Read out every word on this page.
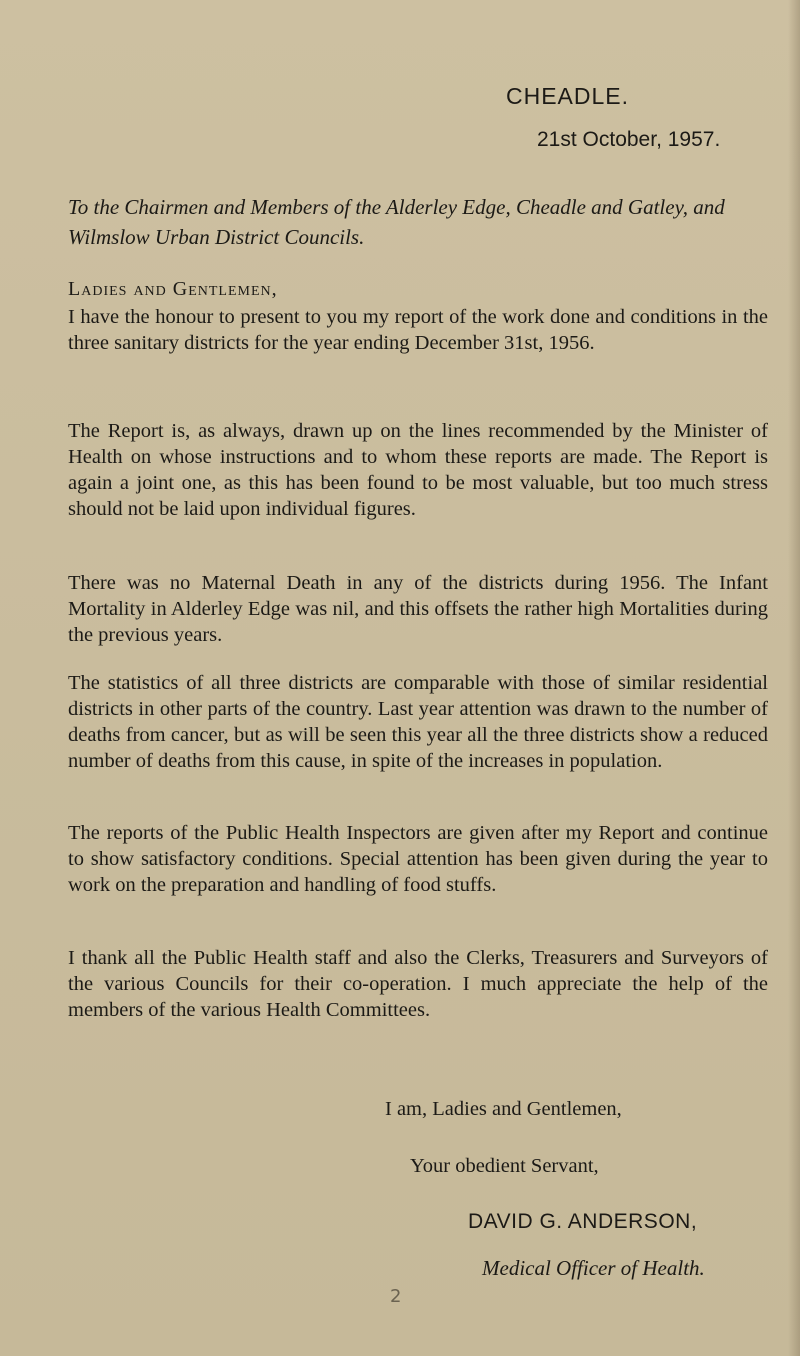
CHEADLE.
21st October, 1957.

To the Chairmen and Members of the Alderley Edge, Cheadle and Gatley, and Wilmslow Urban District Councils.

Ladies and Gentlemen,

I have the honour to present to you my report of the work done and conditions in the three sanitary districts for the year ending December 31st, 1956.

The Report is, as always, drawn up on the lines recommended by the Minister of Health on whose instructions and to whom these reports are made. The Report is again a joint one, as this has been found to be most valuable, but too much stress should not be laid upon individual figures.

There was no Maternal Death in any of the districts during 1956. The Infant Mortality in Alderley Edge was nil, and this offsets the rather high Mortalities during the previous years.

The statistics of all three districts are comparable with those of similar residential districts in other parts of the country. Last year attention was drawn to the number of deaths from cancer, but as will be seen this year all the three districts show a reduced number of deaths from this cause, in spite of the increases in population.

The reports of the Public Health Inspectors are given after my Report and continue to show satisfactory conditions. Special attention has been given during the year to work on the preparation and handling of food stuffs.

I thank all the Public Health staff and also the Clerks, Treasurers and Surveyors of the various Councils for their co-operation. I much appreciate the help of the members of the various Health Committees.

I am, Ladies and Gentlemen,

Your obedient Servant,

DAVID G. ANDERSON,

Medical Officer of Health.

2
